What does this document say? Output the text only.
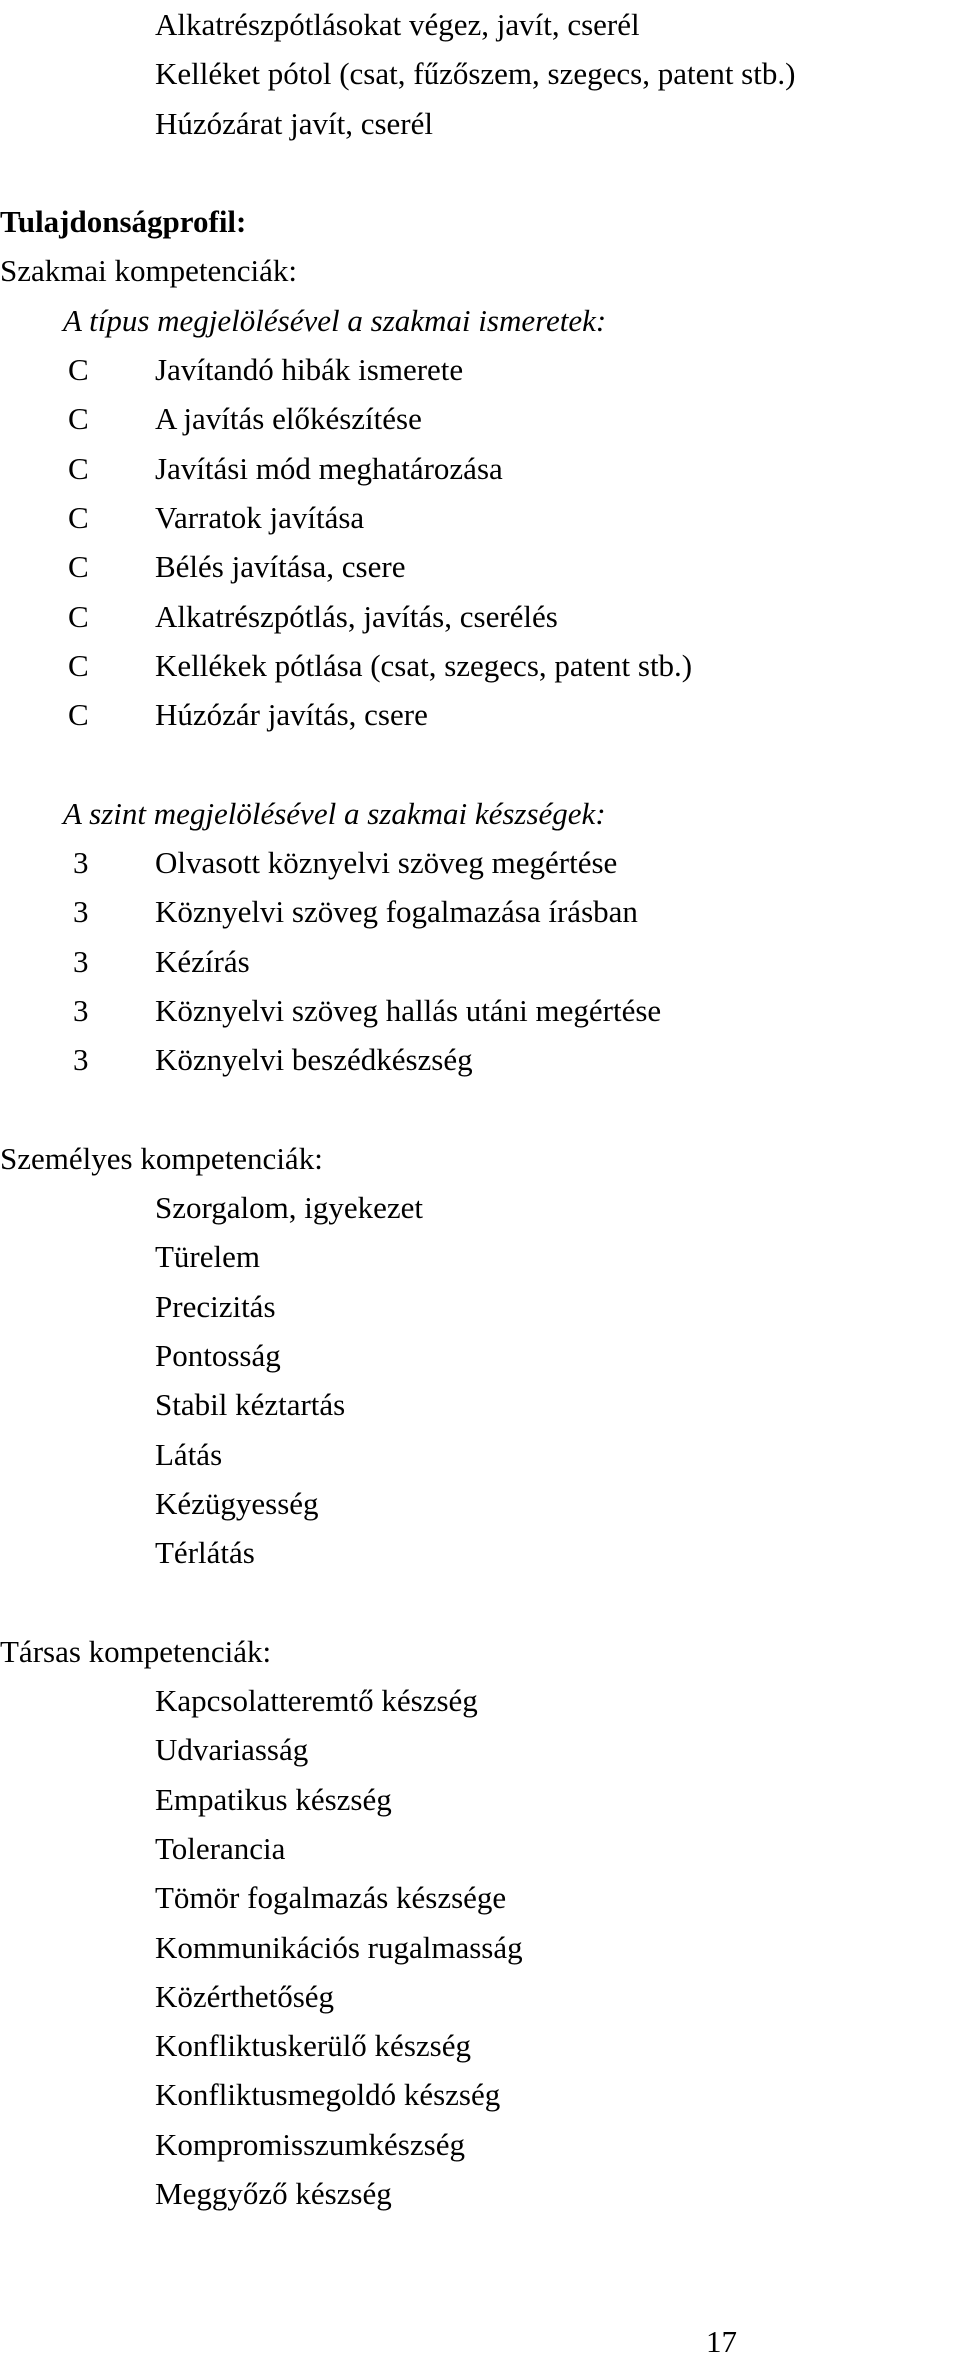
Alkatrészpótlásokat végez, javít, cserél
Kelléket pótol (csat, fűzőszem, szegecs, patent stb.)
Húzózárat javít, cserél
Tulajdonságprofil:
Szakmai kompetenciák:
A típus megjelölésével a szakmai ismeretek:
C	Javítandó hibák ismerete
C	A javítás előkészítése
C	Javítási mód meghatározása
C	Varratok javítása
C	Bélés javítása, csere
C	Alkatrészpótlás, javítás, cserélés
C	Kellékek pótlása (csat, szegecs, patent stb.)
C	Húzózár javítás, csere
A szint megjelölésével a szakmai készségek:
3	Olvasott köznyelvi szöveg megértése
3	Köznyelvi szöveg fogalmazása írásban
3	Kézírás
3	Köznyelvi szöveg hallás utáni megértése
3	Köznyelvi beszédkészség
Személyes kompetenciák:
Szorgalom, igyekezet
Türelem
Precizitás
Pontosság
Stabil kéztartás
Látás
Kézügyesség
Térlátás
Társas kompetenciák:
Kapcsolatteremtő készség
Udvariasság
Empatikus készség
Tolerancia
Tömör fogalmazás készsége
Kommunikációs rugalmasság
Közérthetőség
Konfliktuskerülő készség
Konfliktusmegoldó készség
Kompromisszumkészség
Meggyőző készség
17
